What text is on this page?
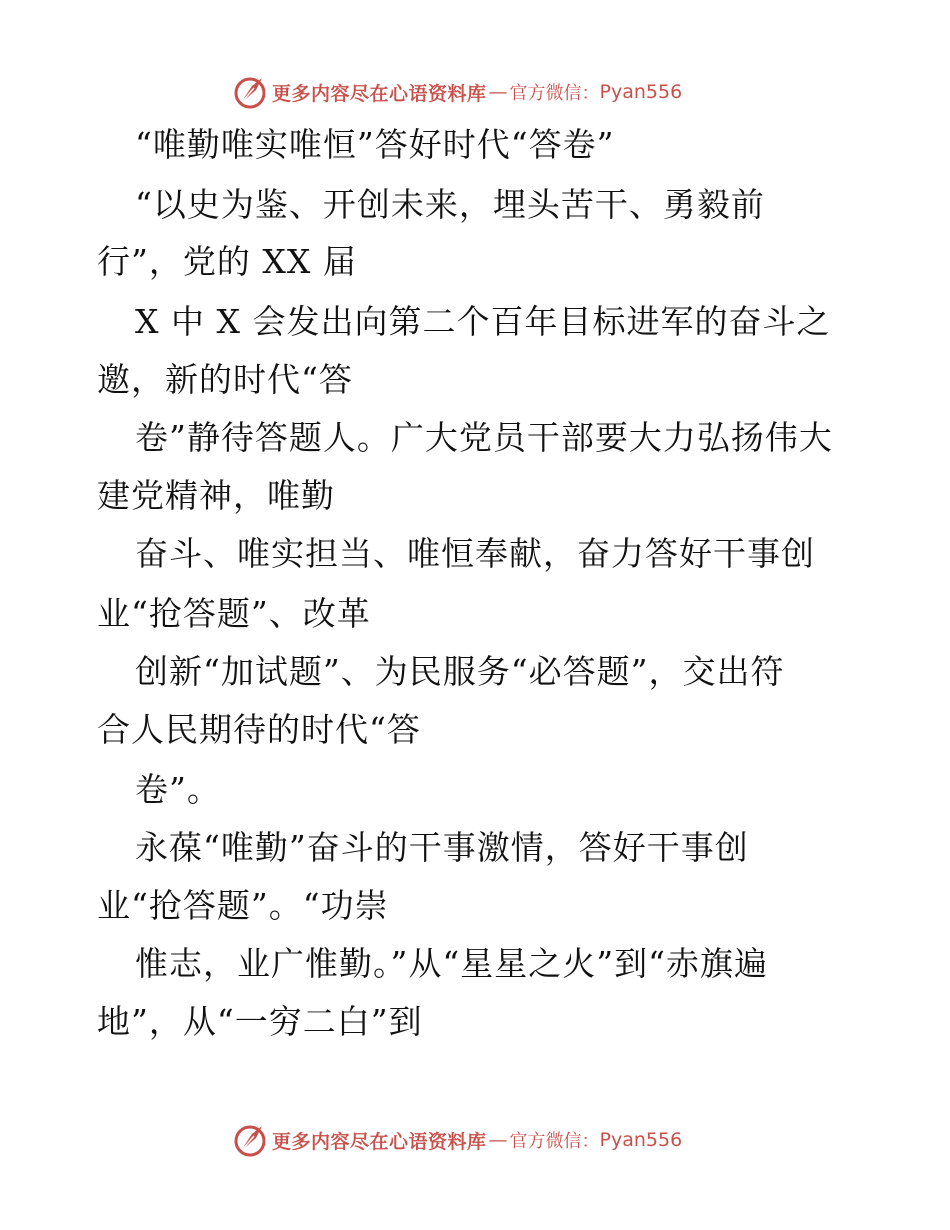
更多内容尽在心语资料库 — 官方微信： Pyan556
“唯勤唯实唯恒”答好时代“答卷”
“以史为鉴、开创未来，埋头苦干、勇毅前
行”，党的 XX 届
X 中 X 会发出向第二个百年目标进军的奋斗之
邀，新的时代“答
卷”静待答题人。广大党员干部要大力弘扬伟大
建党精神，唯勤
奋斗、唯实担当、唯恒奉献，奋力答好干事创
业“抢答题”、改革
创新“加试题”、为民服务“必答题”，交出符
合人民期待的时代“答
卷”。
永葆“唯勤”奋斗的干事激情，答好干事创
业“抢答题”。“功崇
惟志，业广惟勤。”从“星星之火”到“赤旗遍
地”，从“一穷二白”到
更多内容尽在心语资料库 — 官方微信： Pyan556
